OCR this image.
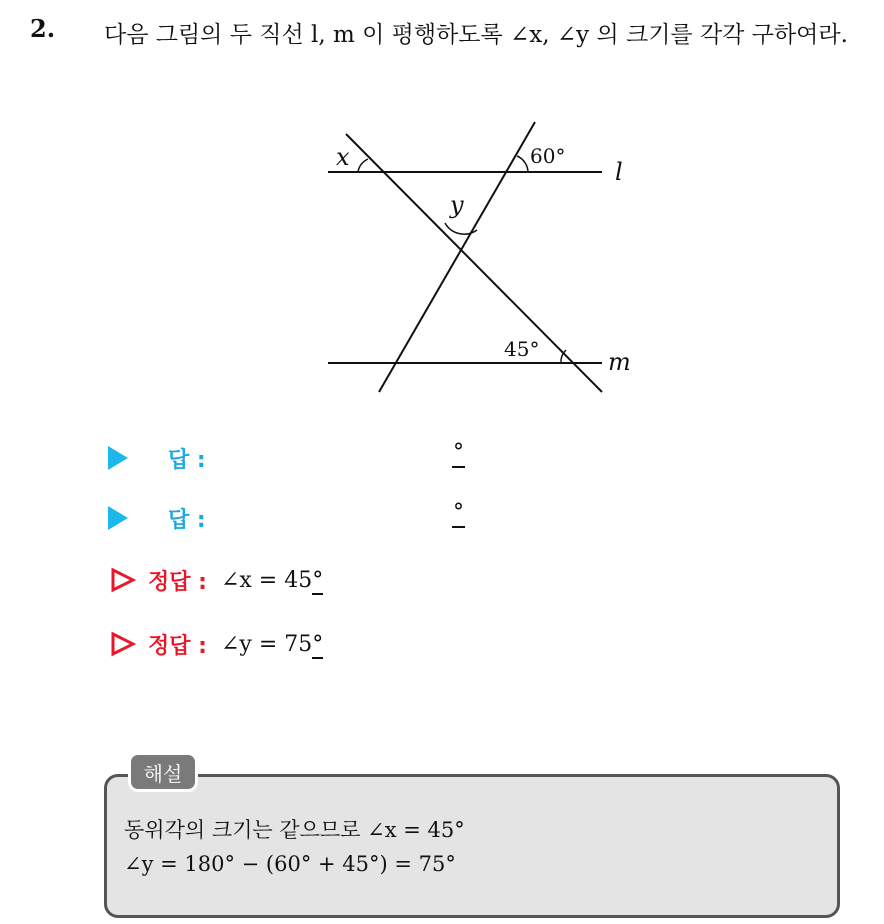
2. 다음 그림의 두 직선 l, m 이 평행하도록 ∠x, ∠y 의 크기를 각각 구하여라.
x	60°
y
45°
l
m
답 :	°
답 :	°
정답 : ∠x = 45°
정답 : ∠y = 75°
해설
동위각의 크기는 같으므로 ∠x = 45°
∠y = 180° − (60° + 45°) = 75°
